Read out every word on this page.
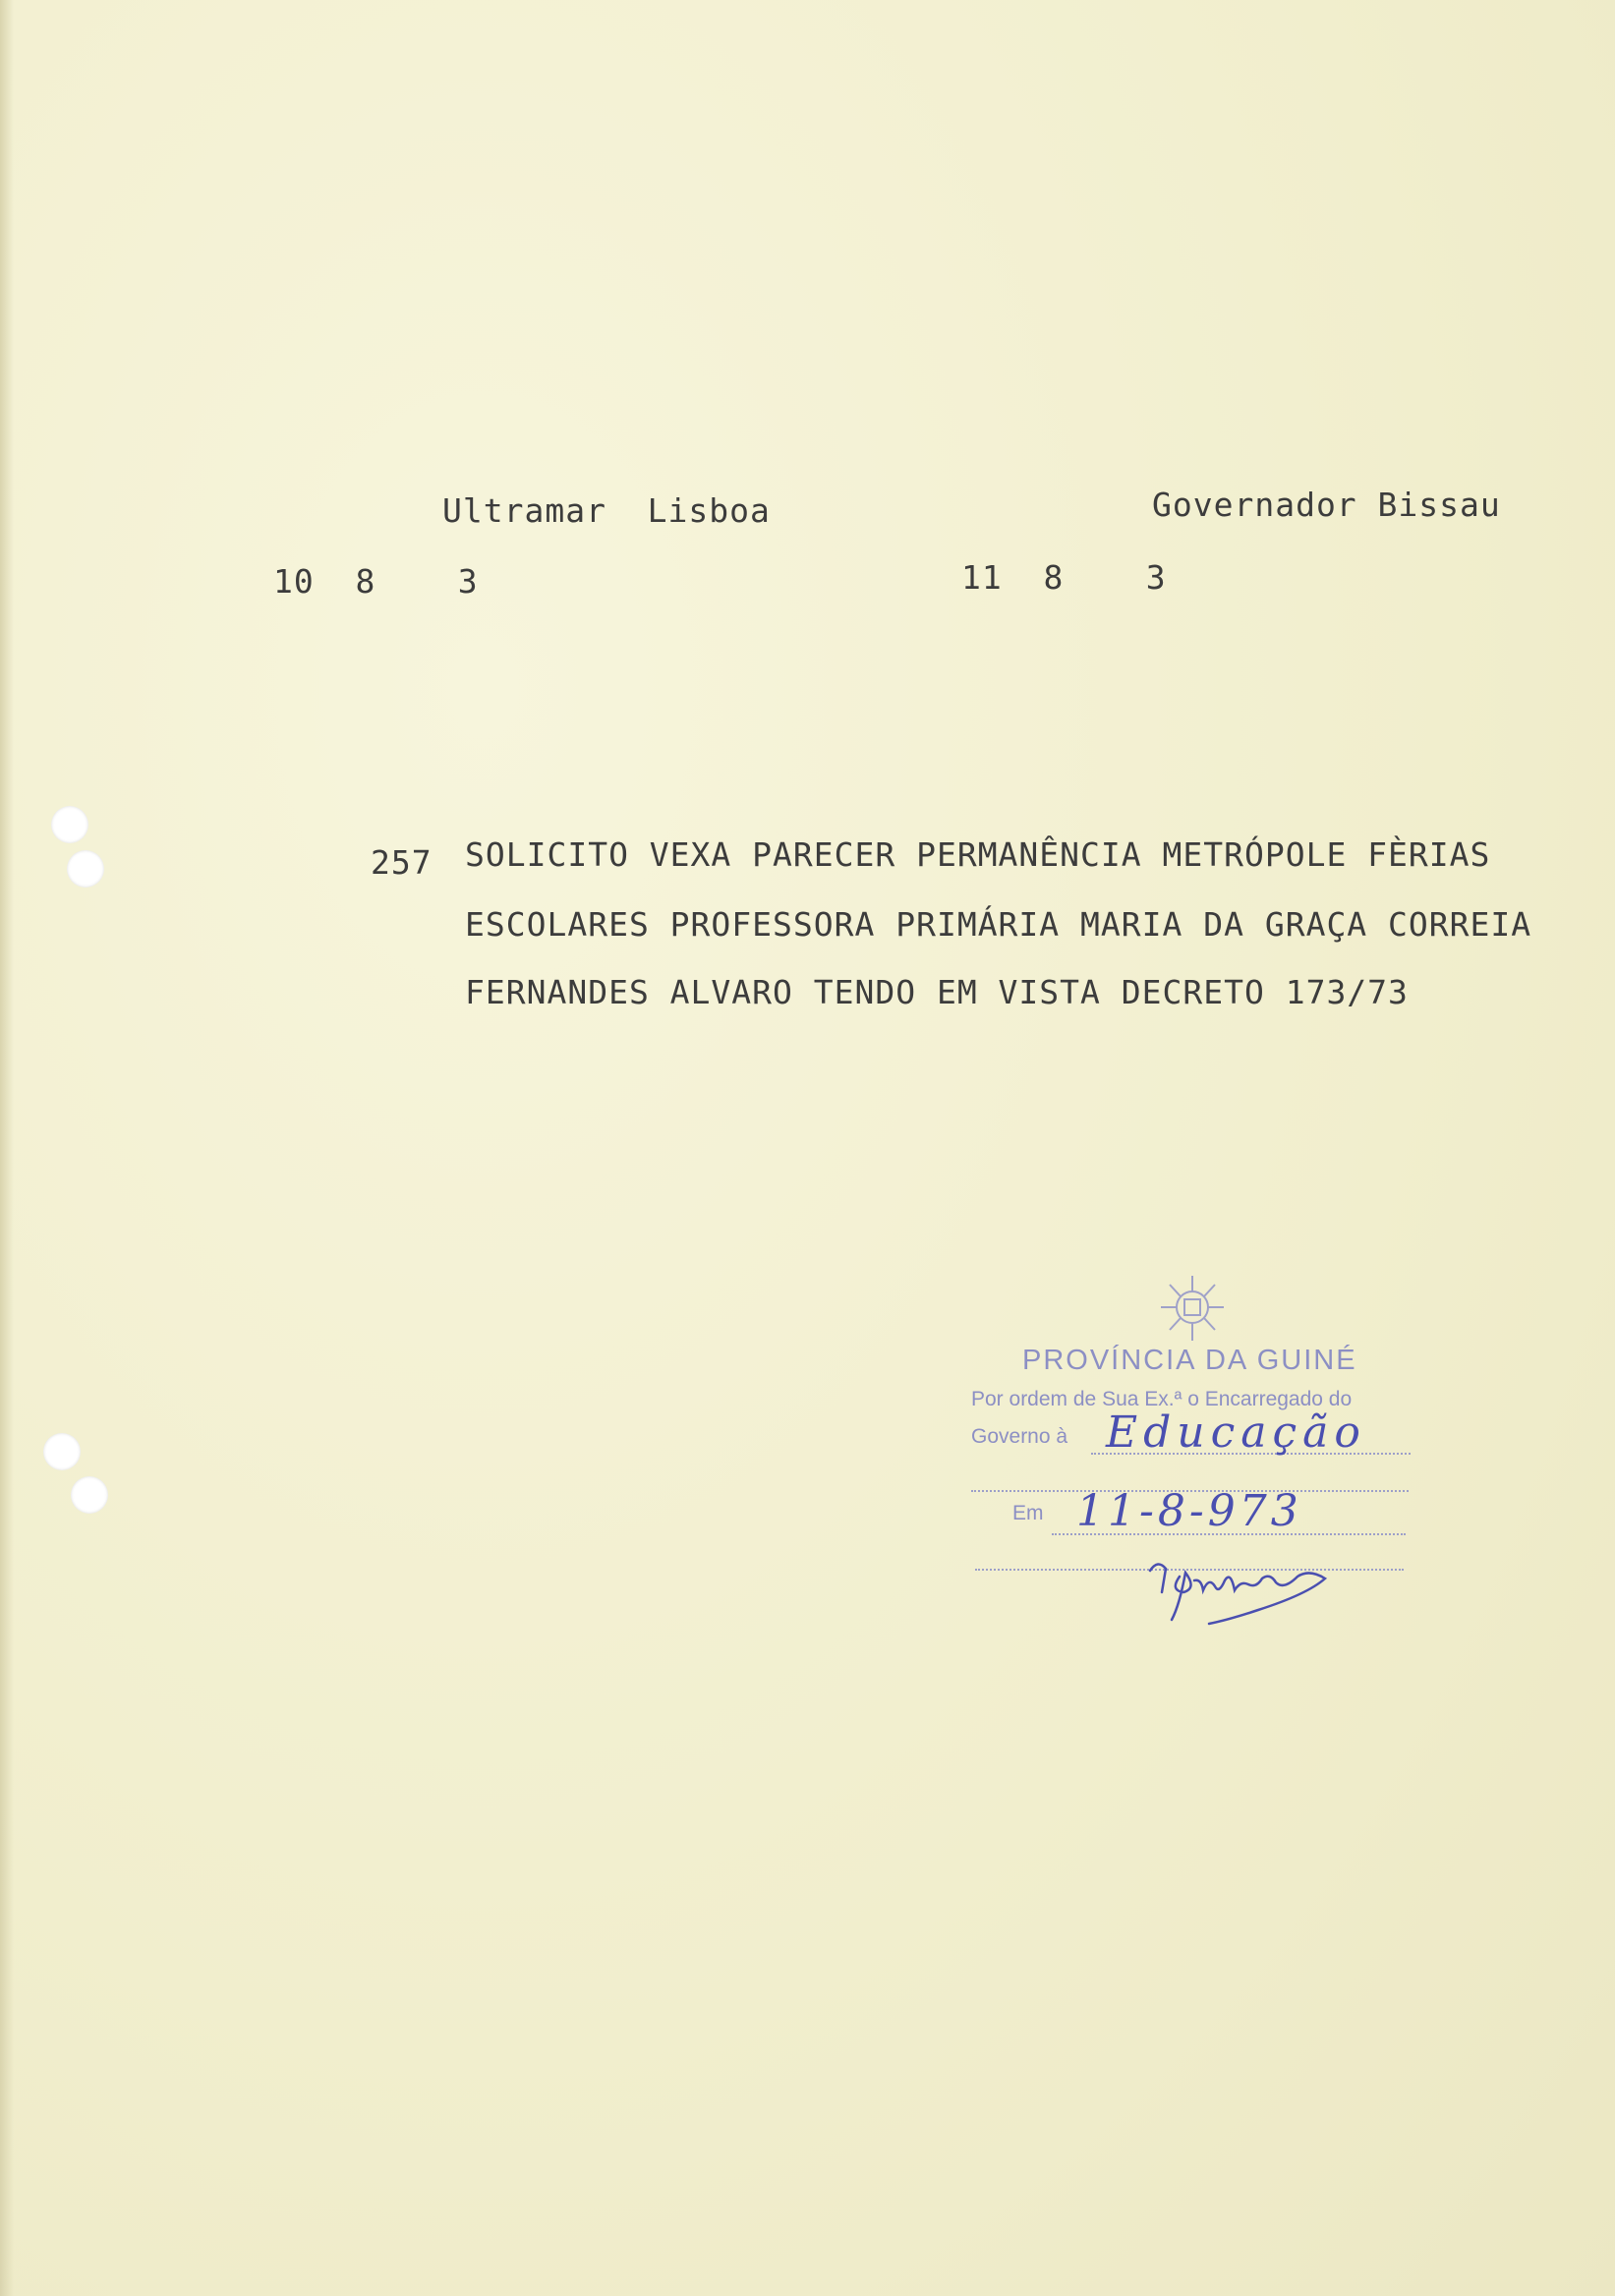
Ultramar  Lisboa	Governador Bissau
10  8    3	11  8    3
257 SOLICITO VEXA PARECER PERMANÊNCIA METRÓPOLE FÈRIAS
ESCOLARES PROFESSORA PRIMÁRIA MARIA DA GRAÇA CORREIA
FERNANDES ALVARO TENDO EM VISTA DECRETO 173/73
PROVÍNCIA DA GUINÉ
Por ordem de Sua Ex.ª o Encarregado do
Governo à
Em
Educação
11-8-973
